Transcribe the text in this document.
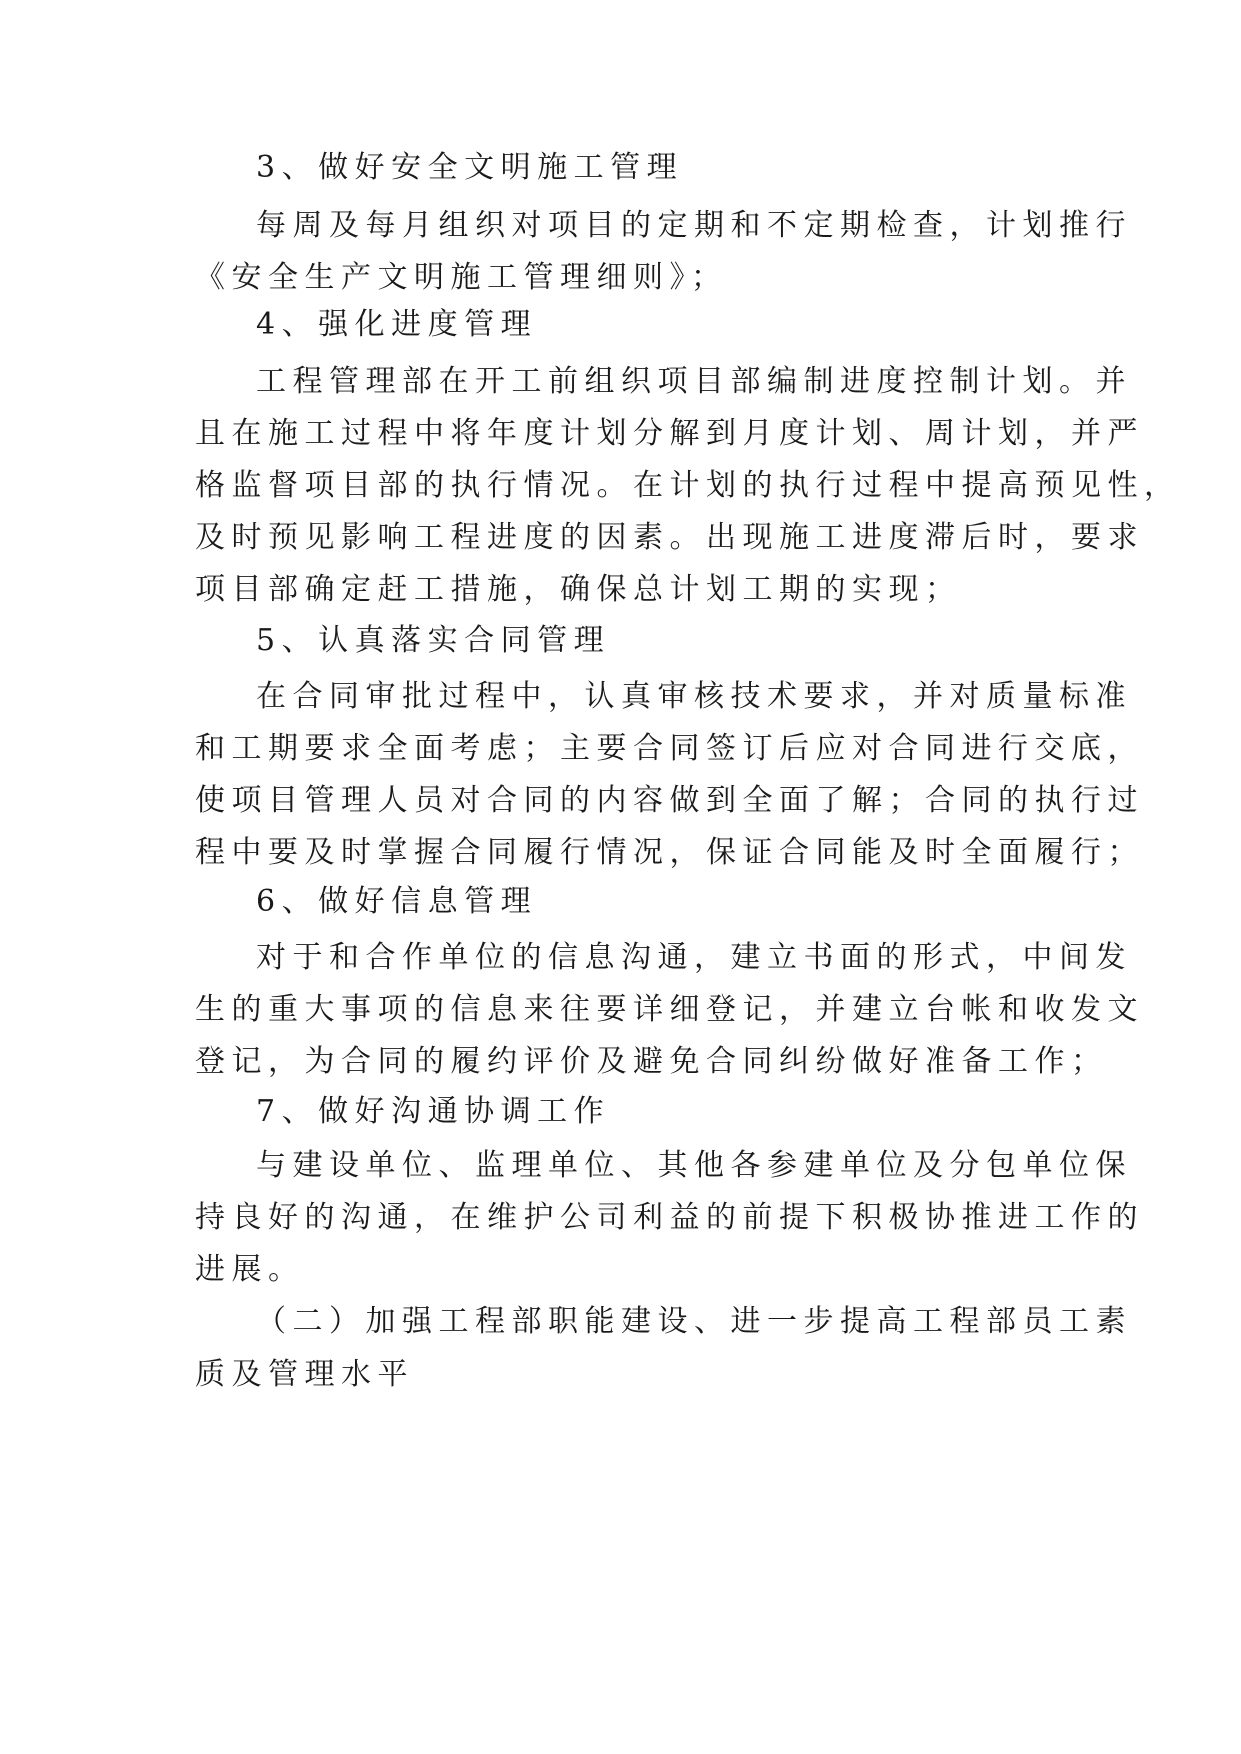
3、做好安全文明施工管理
每周及每月组织对项目的定期和不定期检查，计划推行
《安全生产文明施工管理细则》；
4、强化进度管理
工程管理部在开工前组织项目部编制进度控制计划。并
且在施工过程中将年度计划分解到月度计划、周计划，并严
格监督项目部的执行情况。在计划的执行过程中提高预见性，
及时预见影响工程进度的因素。出现施工进度滞后时，要求
项目部确定赶工措施，确保总计划工期的实现；
5、认真落实合同管理
在合同审批过程中，认真审核技术要求，并对质量标准
和工期要求全面考虑；主要合同签订后应对合同进行交底，
使项目管理人员对合同的内容做到全面了解；合同的执行过
程中要及时掌握合同履行情况，保证合同能及时全面履行；
6、做好信息管理
对于和合作单位的信息沟通，建立书面的形式，中间发
生的重大事项的信息来往要详细登记，并建立台帐和收发文
登记，为合同的履约评价及避免合同纠纷做好准备工作；
7、做好沟通协调工作
与建设单位、监理单位、其他各参建单位及分包单位保
持良好的沟通，在维护公司利益的前提下积极协推进工作的
进展。
（二）加强工程部职能建设、进一步提高工程部员工素
质及管理水平
